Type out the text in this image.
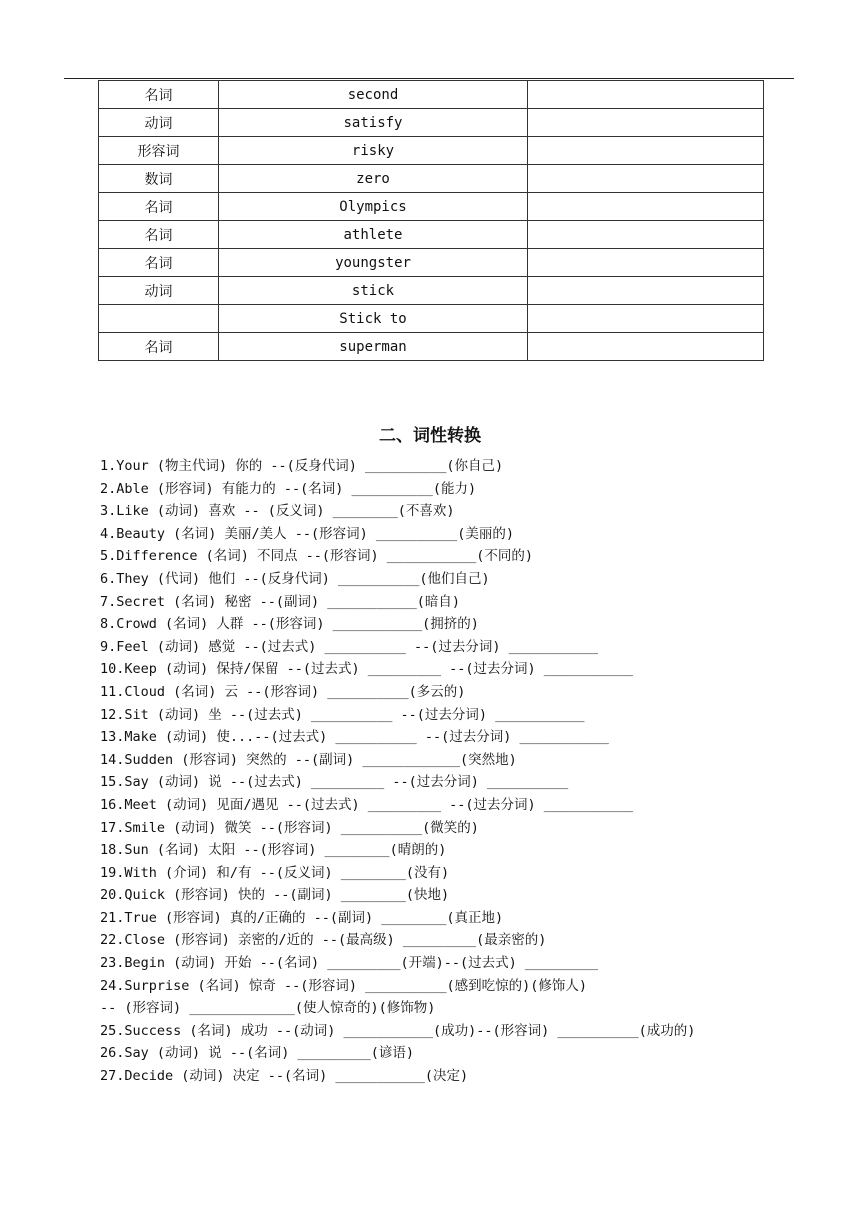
名词	second	
动词	satisfy	
形容词	risky	
数词	zero	
名词	Olympics	
名词	athlete	
名词	youngster	
动词	stick	
	Stick to	
名词	superman	
二、词性转换

1.Your (物主代词) 你的 --(反身代词) __________(你自己)

2.Able (形容词) 有能力的 --(名词) __________(能力)

3.Like (动词) 喜欢 -- (反义词) ________(不喜欢)

4.Beauty (名词) 美丽/美人 --(形容词) __________(美丽的)

5.Difference (名词) 不同点 --(形容词) ___________(不同的)

6.They (代词) 他们 --(反身代词) __________(他们自己)

7.Secret (名词) 秘密 --(副词) ___________(暗自)

8.Crowd (名词) 人群 --(形容词) ___________(拥挤的)

9.Feel (动词) 感觉 --(过去式) __________ --(过去分词) ___________

10.Keep (动词) 保持/保留 --(过去式) _________ --(过去分词) ___________

11.Cloud (名词) 云 --(形容词) __________(多云的)

12.Sit (动词) 坐 --(过去式) __________ --(过去分词) ___________

13.Make (动词) 使...--(过去式) __________ --(过去分词) ___________

14.Sudden (形容词) 突然的 --(副词) ____________(突然地)

15.Say (动词) 说 --(过去式) _________ --(过去分词) __________

16.Meet (动词) 见面/遇见 --(过去式) _________ --(过去分词) ___________

17.Smile (动词) 微笑 --(形容词) __________(微笑的)

18.Sun (名词) 太阳 --(形容词) ________(晴朗的)

19.With (介词) 和/有 --(反义词) ________(没有)

20.Quick (形容词) 快的 --(副词) ________(快地)

21.True (形容词) 真的/正确的 --(副词) ________(真正地)

22.Close (形容词) 亲密的/近的 --(最高级) _________(最亲密的)

23.Begin (动词) 开始 --(名词) _________(开端)--(过去式) _________

24.Surprise (名词) 惊奇 --(形容词) __________(感到吃惊的)(修饰人)

-- (形容词) _____________(使人惊奇的)(修饰物)

25.Success (名词) 成功 --(动词) ___________(成功)--(形容词) __________(成功的)

26.Say (动词) 说 --(名词) _________(谚语)

27.Decide (动词) 决定 --(名词) ___________(决定)
